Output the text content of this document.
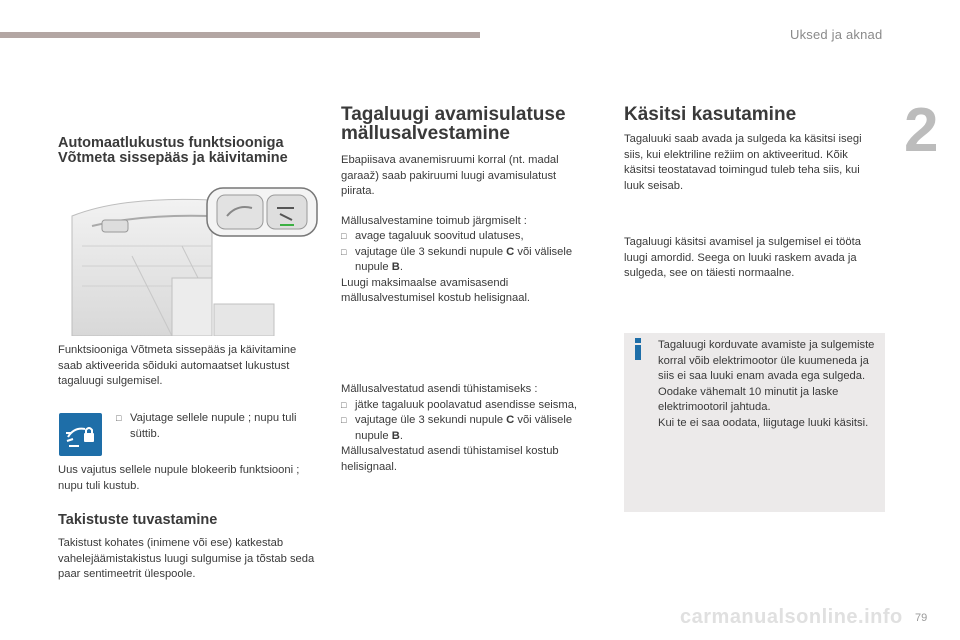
Uksed ja aknad
2
Automaatlukustus funktsiooniga Võtmeta sissepääs ja käivitamine

Funktsiooniga Võtmeta sissepääs ja käivitamine saab aktiveerida sõiduki automaatset lukustust tagaluugi sulgemisel.

□ Vajutage sellele nupule ; nupu tuli süttib.

Uus vajutus sellele nupule blokeerib funktsiooni ; nupu tuli kustub.

Takistuste tuvastamine

Takistust kohates (inimene või ese) katkestab vahelejäämistakistus luugi sulgumise ja tõstab seda paar sentimeetrit ülespoole.

Tagaluugi avamisulatuse mällusalvestamine

Ebapiisava avanemisruumi korral (nt. madal garaaž) saab pakiruumi luugi avamisulatust piirata.

Mällusalvestamine toimub järgmiselt :

□ avage tagaluuk soovitud ulatuses,
□ vajutage üle 3 sekundi nupule C või välisele nupule B.

Luugi maksimaalse avamisasendi mällusalvestumisel kostub helisignaal.

Mällusalvestatud asendi tühistamiseks :

□ jätke tagaluuk poolavatud asendisse seisma,
□ vajutage üle 3 sekundi nupule C või välisele nupule B.

Mällusalvestatud asendi tühistamisel kostub helisignaal.

Käsitsi kasutamine

Tagaluuki saab avada ja sulgeda ka käsitsi isegi siis, kui elektriline režiim on aktiveeritud. Kõik käsitsi teostatavad toimingud tuleb teha siis, kui luuk seisab.

Tagaluugi käsitsi avamisel ja sulgemisel ei tööta luugi amordid. Seega on luuki raskem avada ja sulgeda, see on täiesti normaalne.

Tagaluugi korduvate avamiste ja sulgemiste korral võib elektrimootor üle kuumeneda ja siis ei saa luuki enam avada ega sulgeda.

Oodake vähemalt 10 minutit ja laske elektrimootoril jahtuda.

Kui te ei saa oodata, liigutage luuki käsitsi.

carmanualsonline.info 79
